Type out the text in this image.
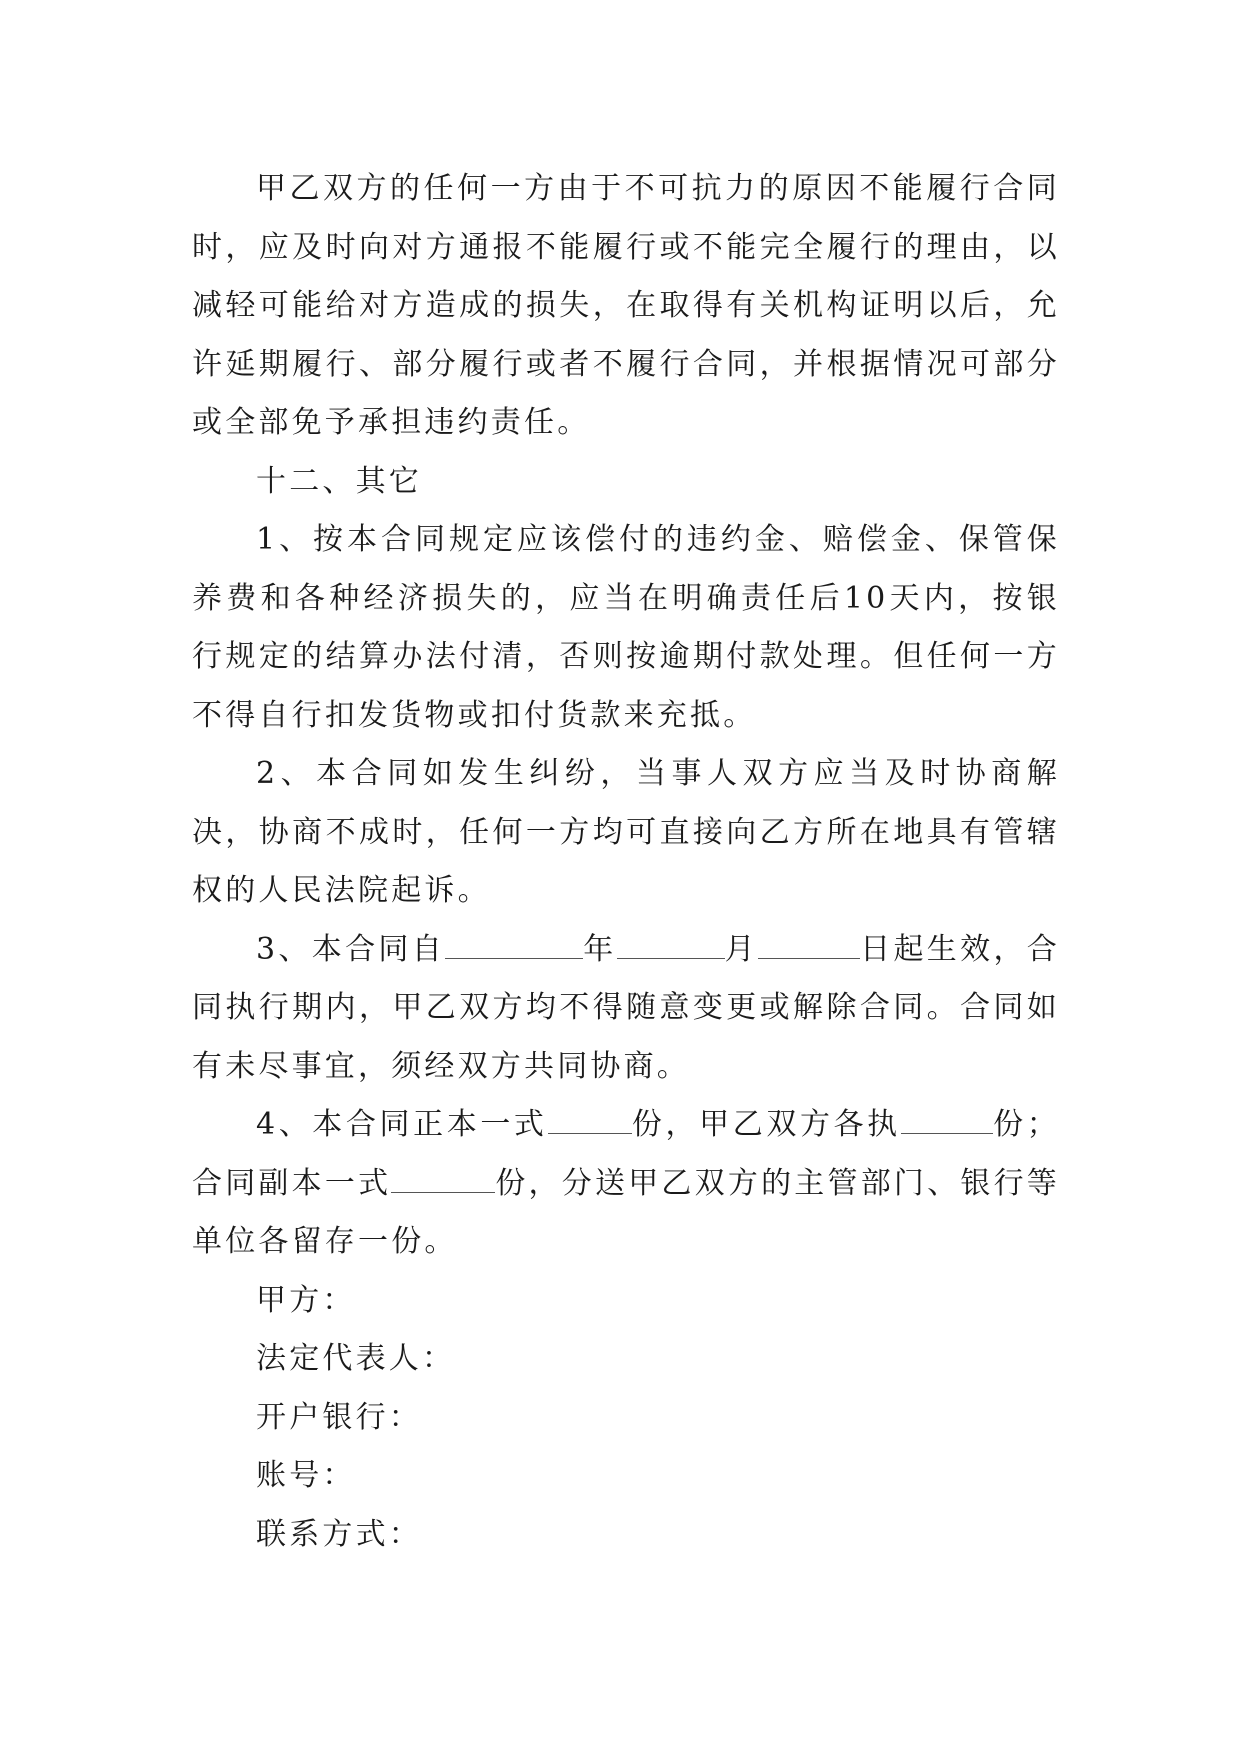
甲乙双方的任何一方由于不可抗力的原因不能履行合同时，应及时向对方通报不能履行或不能完全履行的理由，以减轻可能给对方造成的损失，在取得有关机构证明以后，允许延期履行、部分履行或者不履行合同，并根据情况可部分或全部免予承担违约责任。

十二、其它

1、按本合同规定应该偿付的违约金、赔偿金、保管保养费和各种经济损失的，应当在明确责任后10天内，按银行规定的结算办法付清，否则按逾期付款处理。但任何一方不得自行扣发货物或扣付货款来充抵。

2、本合同如发生纠纷，当事人双方应当及时协商解决，协商不成时，任何一方均可直接向乙方所在地具有管辖权的人民法院起诉。

3、本合同自	年	月	日起生效，合同执行期内，甲乙双方均不得随意变更或解除合同。合同如有未尽事宜，须经双方共同协商。

4、本合同正本一式	份，甲乙双方各执	份；合同副本一式	份，分送甲乙双方的主管部门、银行等单位各留存一份。

甲方：

法定代表人：

开户银行：

账号：

联系方式：
